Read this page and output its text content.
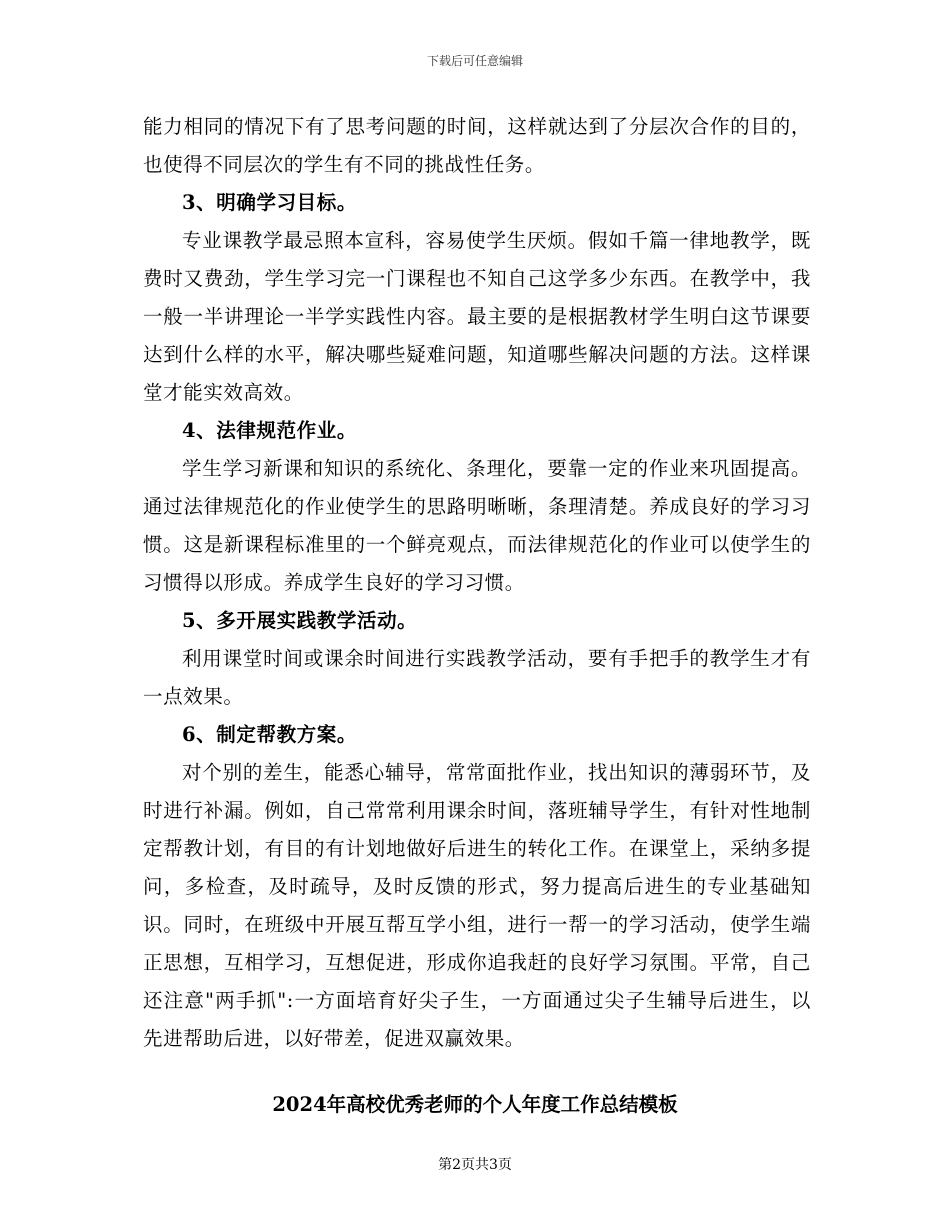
下载后可任意编辑

能力相同的情况下有了思考问题的时间，这样就达到了分层次合作的目的，也使得不同层次的学生有不同的挑战性任务。

3、明确学习目标。

专业课教学最忌照本宣科，容易使学生厌烦。假如千篇一律地教学，既费时又费劲，学生学习完一门课程也不知自己这学多少东西。在教学中，我一般一半讲理论一半学实践性内容。最主要的是根据教材学生明白这节课要达到什么样的水平，解决哪些疑难问题，知道哪些解决问题的方法。这样课堂才能实效高效。

4、法律规范作业。

学生学习新课和知识的系统化、条理化，要靠一定的作业来巩固提高。通过法律规范化的作业使学生的思路明晰晰，条理清楚。养成良好的学习习惯。这是新课程标准里的一个鲜亮观点，而法律规范化的作业可以使学生的习惯得以形成。养成学生良好的学习习惯。

5、多开展实践教学活动。

利用课堂时间或课余时间进行实践教学活动，要有手把手的教学生才有一点效果。

6、制定帮教方案。

对个别的差生，能悉心辅导，常常面批作业，找出知识的薄弱环节，及时进行补漏。例如，自己常常利用课余时间，落班辅导学生，有针对性地制定帮教计划，有目的有计划地做好后进生的转化工作。在课堂上，采纳多提问，多检查，及时疏导，及时反馈的形式，努力提高后进生的专业基础知识。同时，在班级中开展互帮互学小组，进行一帮一的学习活动，使学生端正思想，互相学习，互想促进，形成你追我赶的良好学习氛围。平常，自己还注意"两手抓":一方面培育好尖子生，一方面通过尖子生辅导后进生，以先进帮助后进，以好带差，促进双赢效果。

2024年高校优秀老师的个人年度工作总结模板
第2页共3页
